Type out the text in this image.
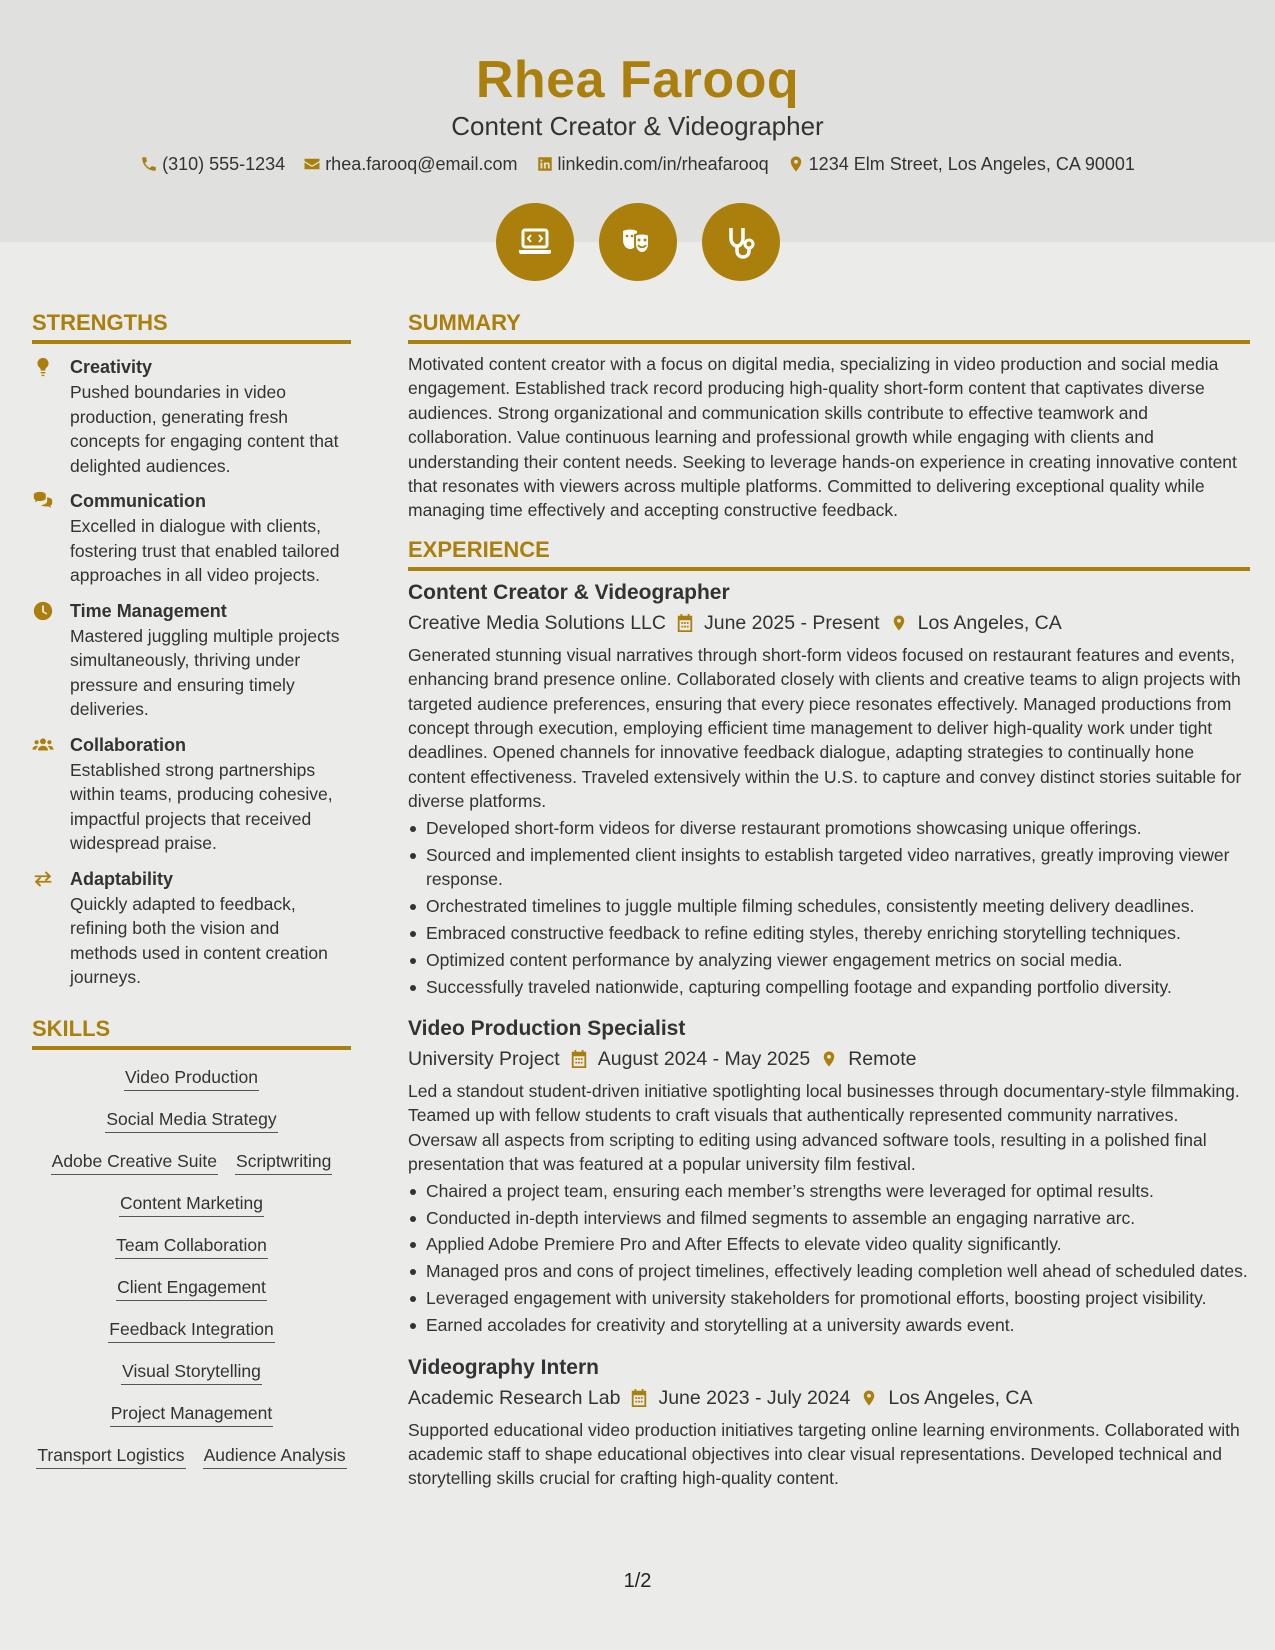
Rhea Farooq
Content Creator & Videographer
(310) 555-1234 rhea.farooq@email.com linkedin.com/in/rheafarooq 1234 Elm Street, Los Angeles, CA 90001
STRENGTHS
Creativity
Pushed boundaries in video production, generating fresh concepts for engaging content that delighted audiences.
Communication
Excelled in dialogue with clients, fostering trust that enabled tailored approaches in all video projects.
Time Management
Mastered juggling multiple projects simultaneously, thriving under pressure and ensuring timely deliveries.
Collaboration
Established strong partnerships within teams, producing cohesive, impactful projects that received widespread praise.
Adaptability
Quickly adapted to feedback, refining both the vision and methods used in content creation journeys.
SKILLS
Video Production
Social Media Strategy
Adobe Creative Suite Scriptwriting
Content Marketing
Team Collaboration
Client Engagement
Feedback Integration
Visual Storytelling
Project Management
Transport Logistics Audience Analysis
SUMMARY
Motivated content creator with a focus on digital media, specializing in video production and social media engagement. Established track record producing high-quality short-form content that captivates diverse audiences. Strong organizational and communication skills contribute to effective teamwork and collaboration. Value continuous learning and professional growth while engaging with clients and understanding their content needs. Seeking to leverage hands-on experience in creating innovative content that resonates with viewers across multiple platforms. Committed to delivering exceptional quality while managing time effectively and accepting constructive feedback.
EXPERIENCE
Content Creator & Videographer
Creative Media Solutions LLC June 2025 - Present Los Angeles, CA
Generated stunning visual narratives through short-form videos focused on restaurant features and events, enhancing brand presence online. Collaborated closely with clients and creative teams to align projects with targeted audience preferences, ensuring that every piece resonates effectively. Managed productions from concept through execution, employing efficient time management to deliver high-quality work under tight deadlines. Opened channels for innovative feedback dialogue, adapting strategies to continually hone content effectiveness. Traveled extensively within the U.S. to capture and convey distinct stories suitable for diverse platforms.
Developed short-form videos for diverse restaurant promotions showcasing unique offerings.
Sourced and implemented client insights to establish targeted video narratives, greatly improving viewer response.
Orchestrated timelines to juggle multiple filming schedules, consistently meeting delivery deadlines.
Embraced constructive feedback to refine editing styles, thereby enriching storytelling techniques.
Optimized content performance by analyzing viewer engagement metrics on social media.
Successfully traveled nationwide, capturing compelling footage and expanding portfolio diversity.
Video Production Specialist
University Project August 2024 - May 2025 Remote
Led a standout student-driven initiative spotlighting local businesses through documentary-style filmmaking. Teamed up with fellow students to craft visuals that authentically represented community narratives. Oversaw all aspects from scripting to editing using advanced software tools, resulting in a polished final presentation that was featured at a popular university film festival.
Chaired a project team, ensuring each member’s strengths were leveraged for optimal results.
Conducted in-depth interviews and filmed segments to assemble an engaging narrative arc.
Applied Adobe Premiere Pro and After Effects to elevate video quality significantly.
Managed pros and cons of project timelines, effectively leading completion well ahead of scheduled dates.
Leveraged engagement with university stakeholders for promotional efforts, boosting project visibility.
Earned accolades for creativity and storytelling at a university awards event.
Videography Intern
Academic Research Lab June 2023 - July 2024 Los Angeles, CA
Supported educational video production initiatives targeting online learning environments. Collaborated with academic staff to shape educational objectives into clear visual representations. Developed technical and storytelling skills crucial for crafting high-quality content.
1/2
